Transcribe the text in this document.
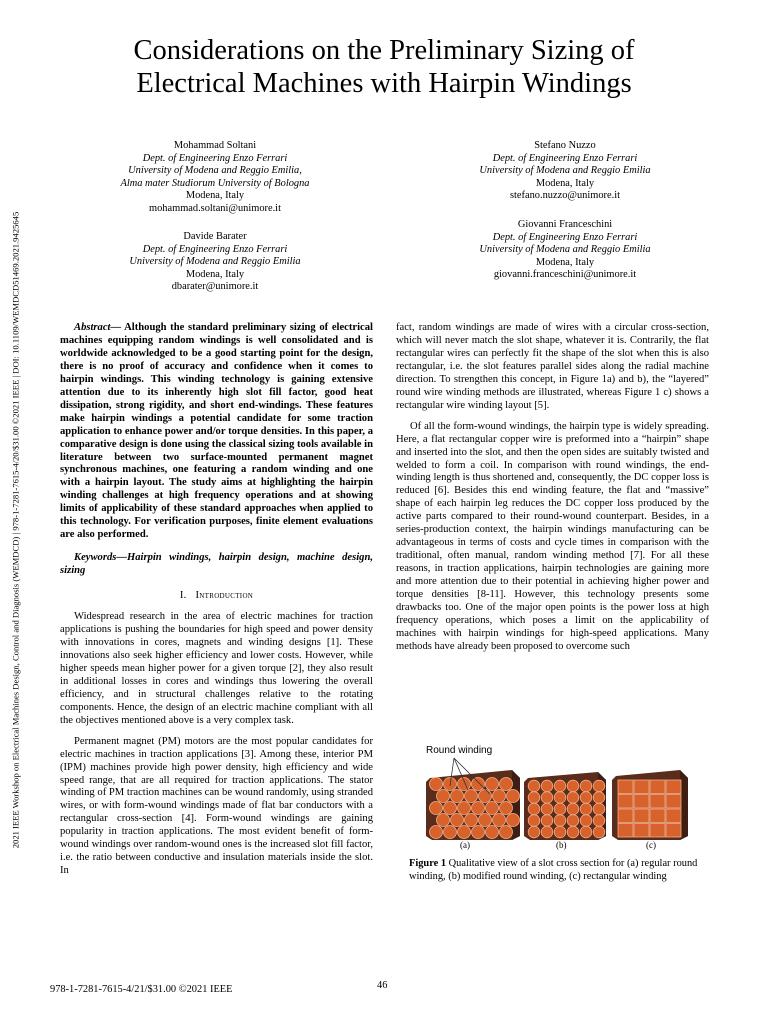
2021 IEEE Workshop on Electrical Machines Design, Control and Diagnosis (WEMDCD) | 978-1-7281-7615-4/20/$31.00 ©2021 IEEE | DOI: 10.1109/WEMDCD51469.2021.9425645
Considerations on the Preliminary Sizing of
Electrical Machines with Hairpin Windings
Mohammad Soltani
Dept. of Engineering Enzo Ferrari
University of Modena and Reggio Emilia,
Alma mater Studiorum University of Bologna
Modena, Italy
mohammad.soltani@unimore.it
Stefano Nuzzo
Dept. of Engineering Enzo Ferrari
University of Modena and Reggio Emilia
Modena, Italy
stefano.nuzzo@unimore.it
Davide Barater
Dept. of Engineering Enzo Ferrari
University of Modena and Reggio Emilia
Modena, Italy
dbarater@unimore.it
Giovanni Franceschini
Dept. of Engineering Enzo Ferrari
University of Modena and Reggio Emilia
Modena, Italy
giovanni.franceschini@unimore.it

Abstract— Although the standard preliminary sizing of electrical machines equipping random windings is well consolidated and is worldwide acknowledged to be a good starting point for the design, there is no proof of accuracy and confidence when it comes to hairpin windings. This winding technology is gaining extensive attention due to its inherently high slot fill factor, good heat dissipation, strong rigidity, and short end-windings. These features make hairpin windings a potential candidate for some traction application to enhance power and/or torque densities. In this paper, a comparative design is done using the classical sizing tools available in literature between two surface-mounted permanent magnet synchronous machines, one featuring a random winding and one with a hairpin layout. The study aims at highlighting the hairpin winding challenges at high frequency operations and at showing limits of applicability of these standard approaches when applied to this technology. For verification purposes, finite element evaluations are also performed.

Keywords—Hairpin windings, hairpin design, machine design, sizing

I. Introduction

Widespread research in the area of electric machines for traction applications is pushing the boundaries for high speed and power density with innovations in cores, magnets and winding designs [1]. These innovations also seek higher efficiency and lower costs. However, while higher speeds mean higher power for a given torque [2], they also result in additional losses in cores and windings thus lowering the overall efficiency, and in structural challenges relative to the rotating components. Hence, the design of an electric machine compliant with all the objectives mentioned above is a very complex task.

Permanent magnet (PM) motors are the most popular candidates for electric machines in traction applications [3]. Among these, interior PM (IPM) machines provide high power density, high efficiency and wide speed range, that are all required for traction applications. The stator winding of PM traction machines can be wound randomly, using stranded wires, or with form-wound windings made of flat bar conductors with a rectangular cross-section [4]. Form-wound windings are gaining popularity in traction applications. The most evident benefit of form-wound windings over random-wound ones is the increased slot fill factor, i.e. the ratio between conductive and insulation materials inside the slot. In

fact, random windings are made of wires with a circular cross-section, which will never match the slot shape, whatever it is. Contrarily, the flat rectangular wires can perfectly fit the shape of the slot when this is also rectangular, i.e. the slot features parallel sides along the radial machine direction. To strengthen this concept, in Figure 1a) and b), the “layered” round wire winding methods are illustrated, whereas Figure 1 c) shows a rectangular wire winding layout [5].

Of all the form-wound windings, the hairpin type is widely spreading. Here, a flat rectangular copper wire is preformed into a “hairpin” shape and inserted into the slot, and then the open sides are suitably twisted and welded to form a coil. In comparison with round windings, the end-winding length is thus shortened and, consequently, the DC copper loss is reduced [6]. Besides this end winding feature, the flat and “massive” shape of each hairpin leg reduces the DC copper loss produced by the active parts compared to their round-wound counterpart. Besides, in a series-production context, the hairpin windings manufacturing can be advantageous in terms of costs and cycle times in comparison with the traditional, often manual, random winding method [7]. For all these reasons, in traction applications, hairpin technologies are gaining more and more attention due to their potential in achieving higher power and torque densities [8-11]. However, this technology presents some drawbacks too. One of the major open points is the power loss at high frequency operations, which poses a limit on the applicability of machines with hairpin windings for high-speed applications. Many methods have already been proposed to overcome such

Round winding
(a)	(b)	(c)
Figure 1 Qualitative view of a slot cross section for (a) regular round winding, (b) modified round winding, (c) rectangular winding
978-1-7281-7615-4/21/$31.00 ©2021 IEEE	46
